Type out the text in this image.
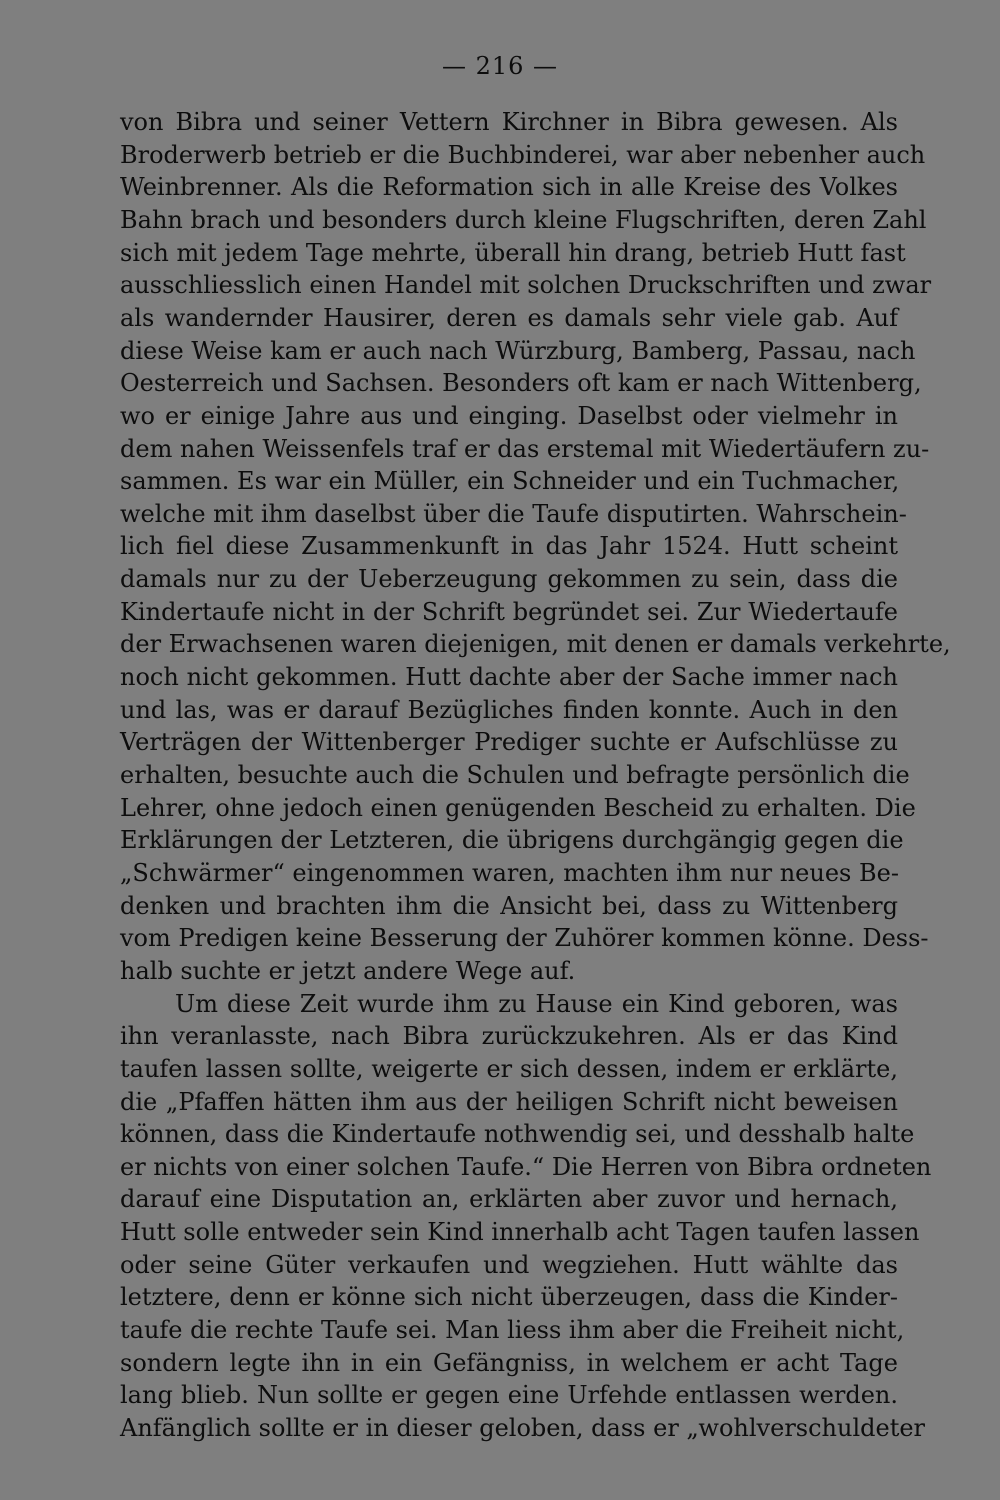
— 216 —
von Bibra und seiner Vettern Kirchner in Bibra gewesen. Als
Broderwerb betrieb er die Buchbinderei, war aber nebenher auch
Weinbrenner. Als die Reformation sich in alle Kreise des Volkes
Bahn brach und besonders durch kleine Flugschriften, deren Zahl
sich mit jedem Tage mehrte, überall hin drang, betrieb Hutt fast
ausschliesslich einen Handel mit solchen Druckschriften und zwar
als wandernder Hausirer, deren es damals sehr viele gab. Auf
diese Weise kam er auch nach Würzburg, Bamberg, Passau, nach
Oesterreich und Sachsen. Besonders oft kam er nach Wittenberg,
wo er einige Jahre aus und einging. Daselbst oder vielmehr in
dem nahen Weissenfels traf er das erstemal mit Wiedertäufern zu-
sammen. Es war ein Müller, ein Schneider und ein Tuchmacher,
welche mit ihm daselbst über die Taufe disputirten. Wahrschein-
lich fiel diese Zusammenkunft in das Jahr 1524. Hutt scheint
damals nur zu der Ueberzeugung gekommen zu sein, dass die
Kindertaufe nicht in der Schrift begründet sei. Zur Wiedertaufe
der Erwachsenen waren diejenigen, mit denen er damals verkehrte,
noch nicht gekommen. Hutt dachte aber der Sache immer nach
und las, was er darauf Bezügliches finden konnte. Auch in den
Verträgen der Wittenberger Prediger suchte er Aufschlüsse zu
erhalten, besuchte auch die Schulen und befragte persönlich die
Lehrer, ohne jedoch einen genügenden Bescheid zu erhalten. Die
Erklärungen der Letzteren, die übrigens durchgängig gegen die
„Schwärmer“ eingenommen waren, machten ihm nur neues Be-
denken und brachten ihm die Ansicht bei, dass zu Wittenberg
vom Predigen keine Besserung der Zuhörer kommen könne. Dess-
halb suchte er jetzt andere Wege auf.
Um diese Zeit wurde ihm zu Hause ein Kind geboren, was
ihn veranlasste, nach Bibra zurückzukehren. Als er das Kind
taufen lassen sollte, weigerte er sich dessen, indem er erklärte,
die „Pfaffen hätten ihm aus der heiligen Schrift nicht beweisen
können, dass die Kindertaufe nothwendig sei, und desshalb halte
er nichts von einer solchen Taufe.“ Die Herren von Bibra ordneten
darauf eine Disputation an, erklärten aber zuvor und hernach,
Hutt solle entweder sein Kind innerhalb acht Tagen taufen lassen
oder seine Güter verkaufen und wegziehen. Hutt wählte das
letztere, denn er könne sich nicht überzeugen, dass die Kinder-
taufe die rechte Taufe sei. Man liess ihm aber die Freiheit nicht,
sondern legte ihn in ein Gefängniss, in welchem er acht Tage
lang blieb. Nun sollte er gegen eine Urfehde entlassen werden.
Anfänglich sollte er in dieser geloben, dass er „wohlverschuldeter
